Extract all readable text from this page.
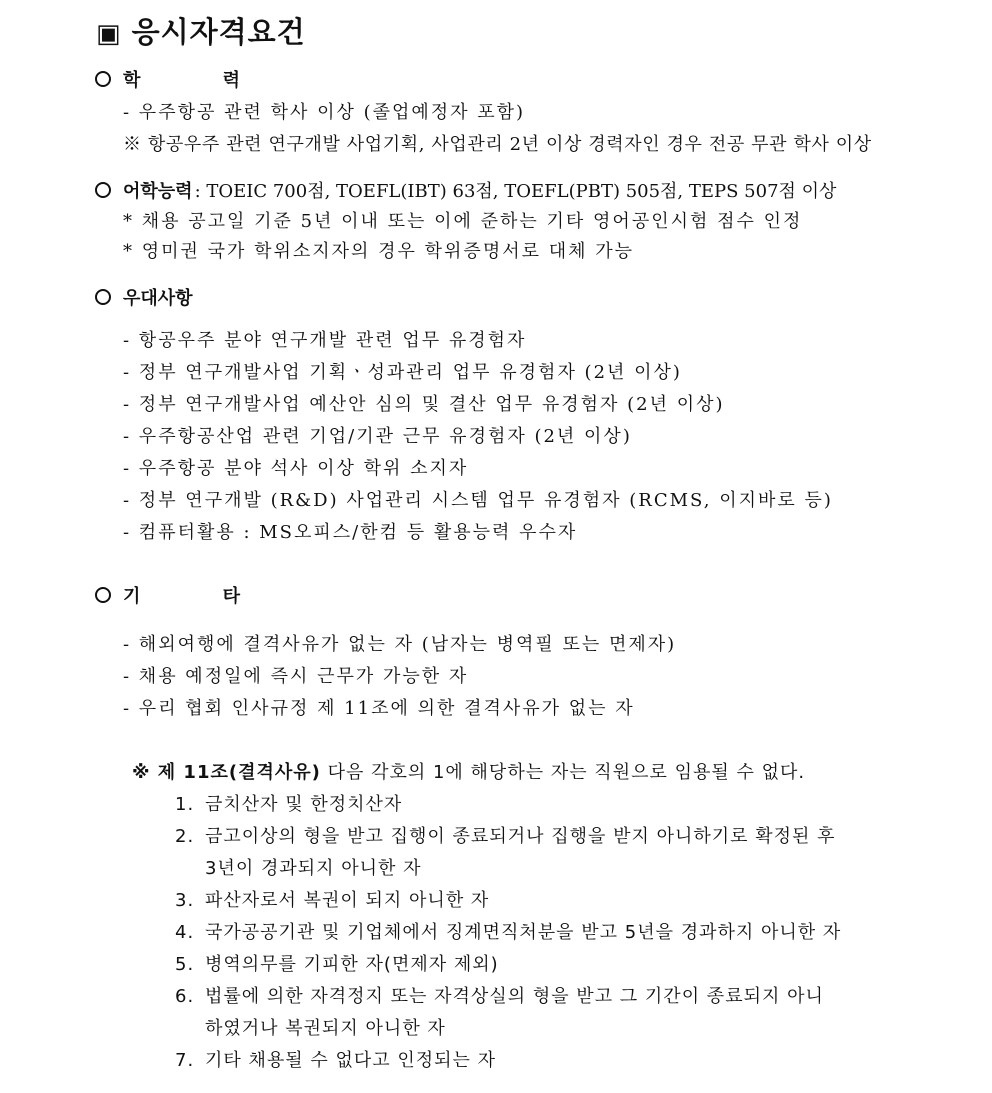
▣ 응시자격요건
학 력
- 우주항공 관련 학사 이상 (졸업예정자 포함)
※ 항공우주 관련 연구개발 사업기획, 사업관리 2년 이상 경력자인 경우 전공 무관 학사 이상
어학능력 : TOEIC 700점, TOEFL(IBT) 63점, TOEFL(PBT) 505점, TEPS 507점 이상
* 채용 공고일 기준 5년 이내 또는 이에 준하는 기타 영어공인시험 점수 인정
* 영미권 국가 학위소지자의 경우 학위증명서로 대체 가능
우대사항
- 항공우주 분야 연구개발 관련 업무 유경험자
- 정부 연구개발사업 기획ㆍ성과관리 업무 유경험자 (2년 이상)
- 정부 연구개발사업 예산안 심의 및 결산 업무 유경험자 (2년 이상)
- 우주항공산업 관련 기업/기관 근무 유경험자 (2년 이상)
- 우주항공 분야 석사 이상 학위 소지자
- 정부 연구개발 (R&D) 사업관리 시스템 업무 유경험자 (RCMS, 이지바로 등)
- 컴퓨터활용 : MS오피스/한컴 등 활용능력 우수자
기 타
- 해외여행에 결격사유가 없는 자 (남자는 병역필 또는 면제자)
- 채용 예정일에 즉시 근무가 가능한 자
- 우리 협회 인사규정 제 11조에 의한 결격사유가 없는 자
※ 제 11조(결격사유) 다음 각호의 1에 해당하는 자는 직원으로 임용될 수 없다.
1. 금치산자 및 한정치산자
2. 금고이상의 형을 받고 집행이 종료되거나 집행을 받지 아니하기로 확정된 후
3년이 경과되지 아니한 자
3. 파산자로서 복권이 되지 아니한 자
4. 국가공공기관 및 기업체에서 징계면직처분을 받고 5년을 경과하지 아니한 자
5. 병역의무를 기피한 자(면제자 제외)
6. 법률에 의한 자격정지 또는 자격상실의 형을 받고 그 기간이 종료되지 아니
하였거나 복권되지 아니한 자
7. 기타 채용될 수 없다고 인정되는 자
